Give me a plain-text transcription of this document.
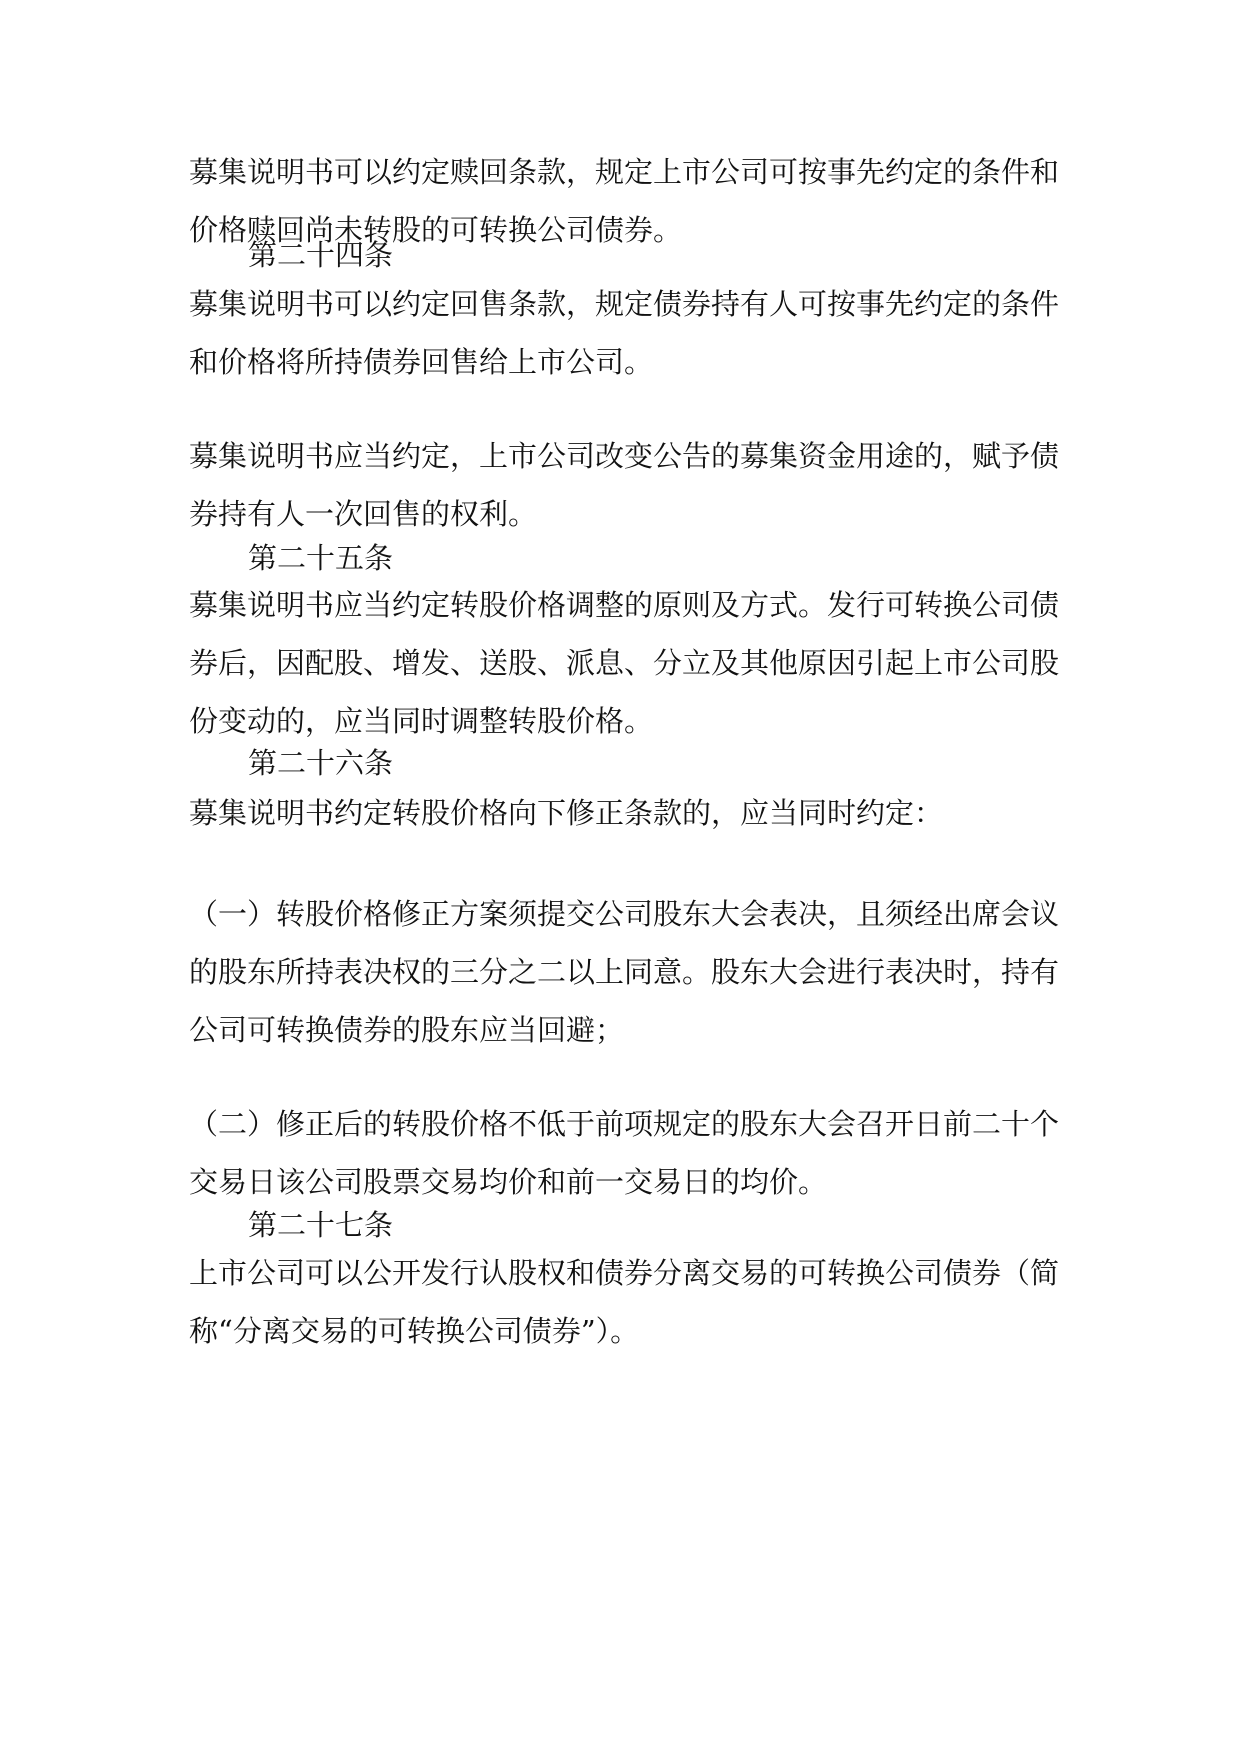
募集说明书可以约定赎回条款，规定上市公司可按事先约定的条件和价格赎回尚未转股的可转换公司债券。

第二十四条

募集说明书可以约定回售条款，规定债券持有人可按事先约定的条件和价格将所持债券回售给上市公司。

募集说明书应当约定，上市公司改变公告的募集资金用途的，赋予债券持有人一次回售的权利。

第二十五条

募集说明书应当约定转股价格调整的原则及方式。发行可转换公司债券后，因配股、增发、送股、派息、分立及其他原因引起上市公司股份变动的，应当同时调整转股价格。

第二十六条

募集说明书约定转股价格向下修正条款的，应当同时约定：

（一）转股价格修正方案须提交公司股东大会表决，且须经出席会议的股东所持表决权的三分之二以上同意。股东大会进行表决时，持有公司可转换债券的股东应当回避；

（二）修正后的转股价格不低于前项规定的股东大会召开日前二十个交易日该公司股票交易均价和前一交易日的均价。

第二十七条

上市公司可以公开发行认股权和债券分离交易的可转换公司债券（简称“分离交易的可转换公司债券”）。
